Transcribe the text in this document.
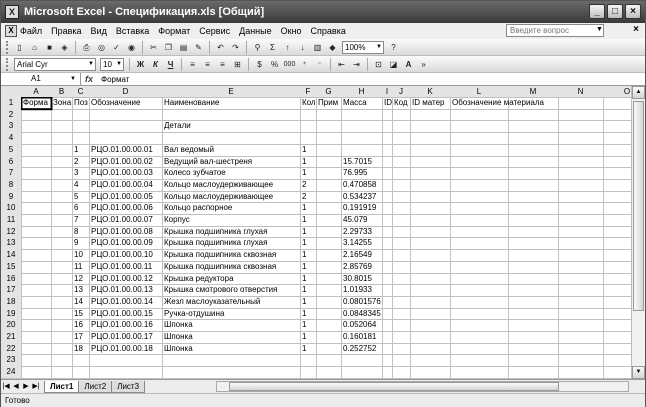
X Microsoft Excel - Спецификация.xls [Общий]	_	□	×
X Файл Правка Вид Вставка Формат Сервис Данные Окно Справка	Введите вопрос	▼	×
▯	⌂	■	◈	⎙	◎	✓	◉	✂	❐ ▤ ✎	↶	↷	⚲	Σ	↑	↓	▥	◆	100% ▼	?
Arial Cyr	▼	10 ▼	Ж	К	Ч	≡	≡	≡	⊞	$	% 000 ⁺	⁻	⇤	⇥	⊡ ◪	A	»
A1	▼ fx	Формат
A	B	C	D	E	F	G	H	I	J	K	L	M	N	O
1
2
3
4
5
6
7
8
9
10
11
12
13
14
15
16
17
18
19
20
21
22
23
24
Форма Зона Поз Обозначение	Наименование	Кол Прим Масса	ID Код ID матер Обозначение материала
Детали
1	РЦО.01.00.00.01	Вал ведомый	1
2	РЦО.01.00.00.02	Ведущий вал-шестреня	1	15.7015
3	РЦО.01.00.00.03	Колесо зубчатое	1	76.995
4	РЦО.01.00.00.04	Кольцо маслоудерживающее	2	0.470858
5	РЦО.01.00.00.05	Кольцо маслоудерживающее	2	0.534237
6	РЦО.01.00.00.06	Кольцо распорное	1	0.191919
7	РЦО.01.00.00.07	Корпус	1	45.079
8	РЦО.01.00.00.08	Крышка подшипника глухая	1	2.29733
9	РЦО.01.00.00.09	Крышка подшипника глухая	1	3.14255
10	РЦО.01.00.00.10	Крышка подшипника сквозная	1	2.16549
11	РЦО.01.00.00.11	Крышка подшипника сквозная	1	2.85769
12	РЦО.01.00.00.12	Крышка редуктора	1	30.8015
13	РЦО.01.00.00.13	Крышка смотрового отверстия	1	1.01933
14	РЦО.01.00.00.14	Жезл маслоуказательный	1	0.0801576
15	РЦО.01.00.00.15	Ручка-отдушина	1	0.0848345
16	РЦО.01.00.00.16	Шпонка	1	0.052064
17	РЦО.01.00.00.17	Шпонка	1	0.160181
18	РЦО.01.00.00.18	Шпонка	1	0.252752
▲
▼
|◀ ◀ ▶ ▶|	Лист1	Лист2	Лист3
Готово
